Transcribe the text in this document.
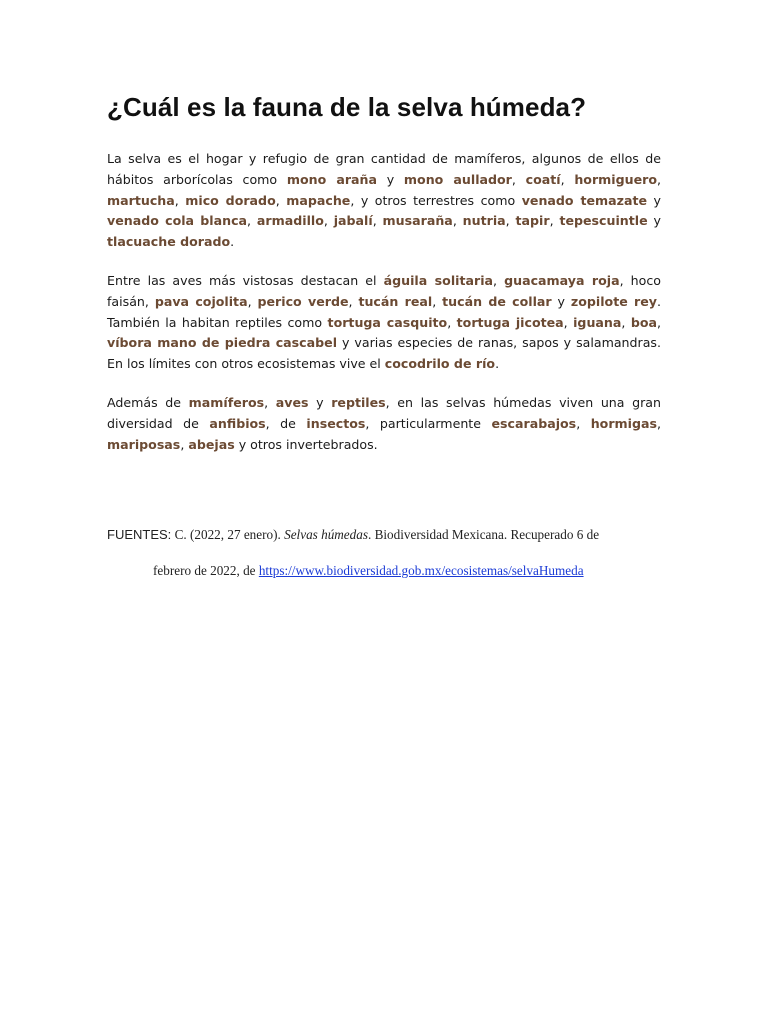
¿Cuál es la fauna de la selva húmeda?

La selva es el hogar y refugio de gran cantidad de mamíferos, algunos de ellos de hábitos arborícolas como mono araña y mono aullador, coatí, hormiguero, martucha, mico dorado, mapache, y otros terrestres como venado temazate y venado cola blanca, armadillo, jabalí, musaraña, nutria, tapir, tepescuintle y tlacuache dorado.

Entre las aves más vistosas destacan el águila solitaria, guacamaya roja, hoco faisán, pava cojolita, perico verde, tucán real, tucán de collar y zopilote rey. También la habitan reptiles como tortuga casquito, tortuga jicotea, iguana, boa, víbora mano de piedra cascabel y varias especies de ranas, sapos y salamandras. En los límites con otros ecosistemas vive el cocodrilo de río.

Además de mamíferos, aves y reptiles, en las selvas húmedas viven una gran diversidad de anfibios, de insectos, particularmente escarabajos, hormigas, mariposas, abejas y otros invertebrados.

FUENTES: C. (2022, 27 enero). Selvas húmedas. Biodiversidad Mexicana. Recuperado 6 de
febrero de 2022, de https://www.biodiversidad.gob.mx/ecosistemas/selvaHumeda
